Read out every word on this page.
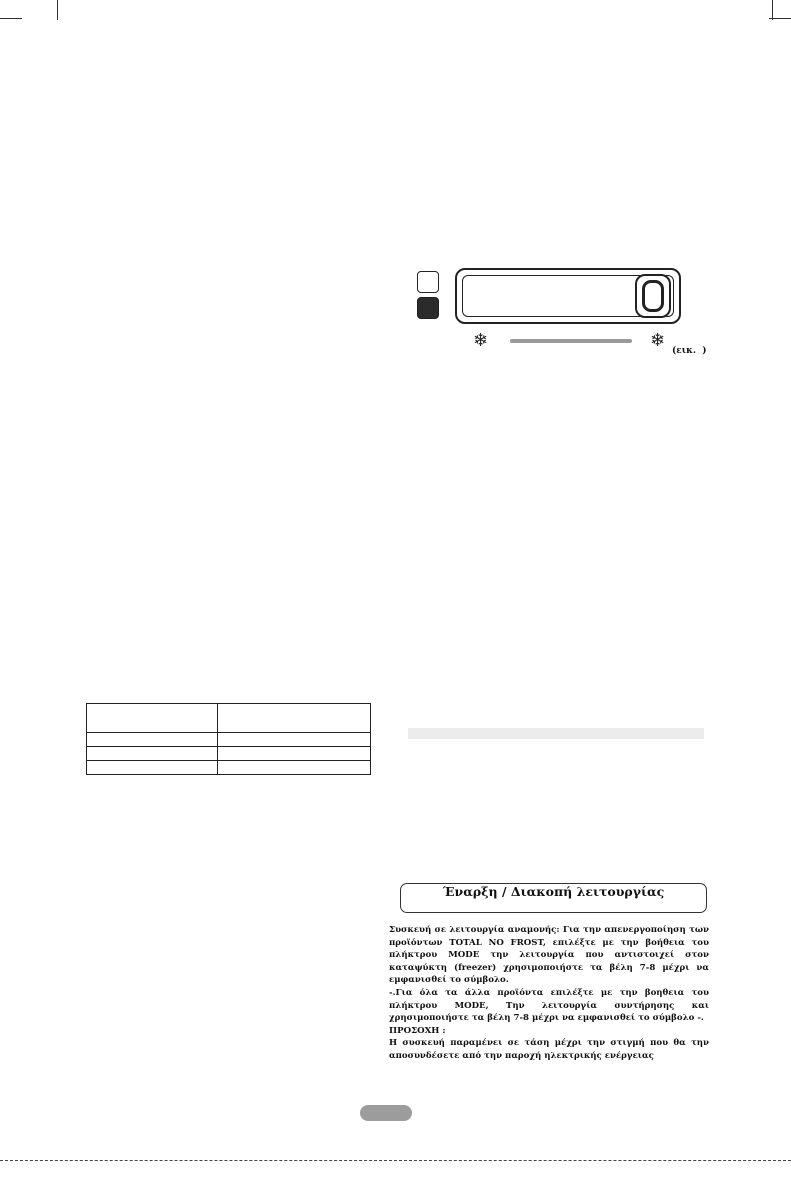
❄	❄ (εικ.  )

Έναρξη / Διακοπή λειτουργίας

Συσκευή σε λειτουργία αναμονής: Για την απενεργοποίηση των προϊόντων TOTAL NO FROST, επιλέξτε με την βοήθεια του πλήκτρου MODE την λειτουργία που αντιστοιχεί στον καταψύκτη (freezer) χρησιμοποιήστε τα βέλη 7-8 μέχρι να εμφανισθεί το σύμβολο.

-.Για όλα τα άλλα προϊόντα επιλέξτε με την βοηθεια του πλήκτρου MODE, Την λειτουργία συντήρησης και χρησιμοποιήστε τα βέλη 7-8 μέχρι να εμφανισθεί το σύμβολο -.

ΠΡΟΣΟΧΗ :

Η συσκευή παραμένει σε τάση μέχρι την στιγμή που θα την αποσυνδέσετε από την παροχή ηλεκτρικής ενέργειας
